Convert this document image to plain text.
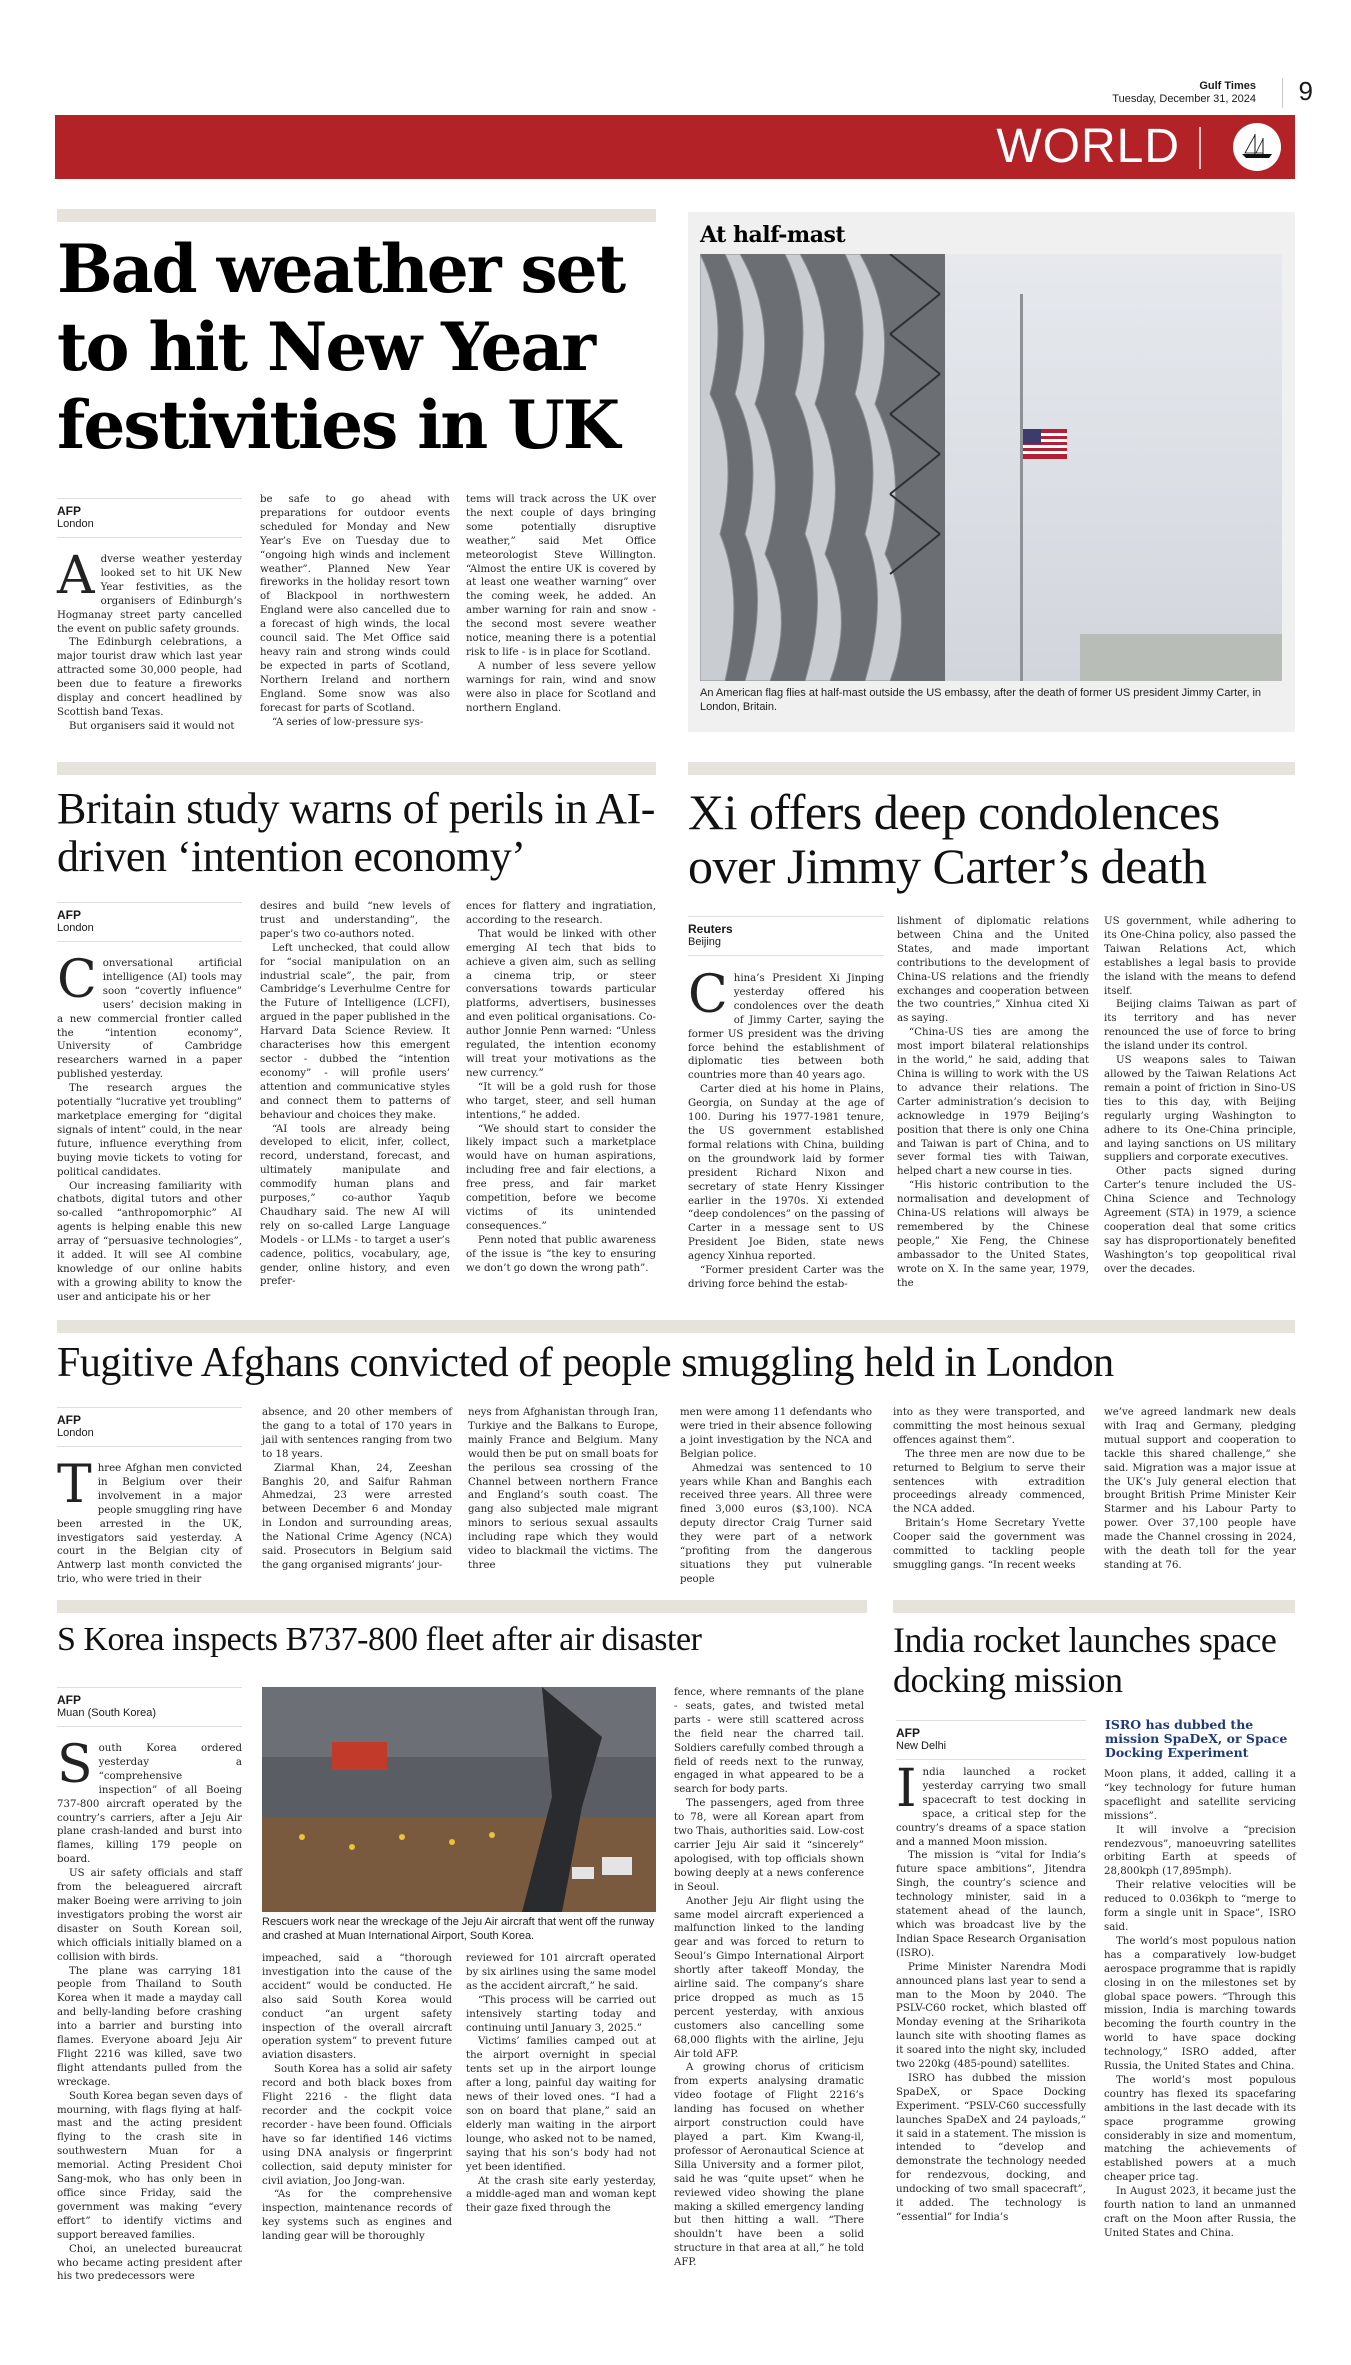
Gulf Times
Tuesday, December 31, 2024 9
WORLD
Bad weather set to hit New Year festivities in UK
AFP
London

Adverse weather yesterday looked set to hit UK New Year festivities, as the organisers of Edinburgh’s Hogmanay street party cancelled the event on public safety grounds.

The Edinburgh celebrations, a major tourist draw which last year attracted some 30,000 people, had been due to feature a fireworks display and concert headlined by Scottish band Texas.

But organisers said it would not

be safe to go ahead with preparations for outdoor events scheduled for Monday and New Year’s Eve on Tuesday due to “ongoing high winds and inclement weather”. Planned New Year fireworks in the holiday resort town of Blackpool in northwestern England were also cancelled due to a forecast of high winds, the local council said. The Met Office said heavy rain and strong winds could be expected in parts of Scotland, Northern Ireland and northern England. Some snow was also forecast for parts of Scotland.

“A series of low-pressure sys-

tems will track across the UK over the next couple of days bringing some potentially disruptive weather,” said Met Office meteorologist Steve Willington. “Almost the entire UK is covered by at least one weather warning” over the coming week, he added. An amber warning for rain and snow - the second most severe weather notice, meaning there is a potential risk to life - is in place for Scotland.

A number of less severe yellow warnings for rain, wind and snow were also in place for Scotland and northern England.

At half-mast
An American flag flies at half-mast outside the US embassy, after the death of former US president Jimmy Carter, in London, Britain.
Britain study warns of perils in AI-driven ‘intention economy’
AFP
London

Conversational artificial intelligence (AI) tools may soon “covertly influence” users’ decision making in a new commercial frontier called the “intention economy”, University of Cambridge researchers warned in a paper published yesterday.

The research argues the potentially “lucrative yet troubling” marketplace emerging for “digital signals of intent” could, in the near future, influence everything from buying movie tickets to voting for political candidates.

Our increasing familiarity with chatbots, digital tutors and other so-called “anthropomorphic” AI agents is helping enable this new array of “persuasive technologies”, it added. It will see AI combine knowledge of our online habits with a growing ability to know the user and anticipate his or her

desires and build “new levels of trust and understanding”, the paper’s two co-authors noted.

Left unchecked, that could allow for “social manipulation on an industrial scale”, the pair, from Cambridge’s Leverhulme Centre for the Future of Intelligence (LCFI), argued in the paper published in the Harvard Data Science Review. It characterises how this emergent sector - dubbed the “intention economy” - will profile users’ attention and communicative styles and connect them to patterns of behaviour and choices they make.

“AI tools are already being developed to elicit, infer, collect, record, understand, forecast, and ultimately manipulate and commodify human plans and purposes,” co-author Yaqub Chaudhary said. The new AI will rely on so-called Large Language Models - or LLMs - to target a user’s cadence, politics, vocabulary, age, gender, online history, and even prefer-

ences for flattery and ingratiation, according to the research.

That would be linked with other emerging AI tech that bids to achieve a given aim, such as selling a cinema trip, or steer conversations towards particular platforms, advertisers, businesses and even political organisations. Co-author Jonnie Penn warned: “Unless regulated, the intention economy will treat your motivations as the new currency.”

“It will be a gold rush for those who target, steer, and sell human intentions,” he added.

“We should start to consider the likely impact such a marketplace would have on human aspirations, including free and fair elections, a free press, and fair market competition, before we become victims of its unintended consequences.”

Penn noted that public awareness of the issue is “the key to ensuring we don’t go down the wrong path”.

Xi offers deep condolences over Jimmy Carter’s death
Reuters
Beijing

China’s President Xi Jinping yesterday offered his condolences over the death of Jimmy Carter, saying the former US president was the driving force behind the establishment of diplomatic ties between both countries more than 40 years ago.

Carter died at his home in Plains, Georgia, on Sunday at the age of 100. During his 1977-1981 tenure, the US government established formal relations with China, building on the groundwork laid by former president Richard Nixon and secretary of state Henry Kissinger earlier in the 1970s. Xi extended “deep condolences” on the passing of Carter in a message sent to US President Joe Biden, state news agency Xinhua reported.

“Former president Carter was the driving force behind the estab-

lishment of diplomatic relations between China and the United States, and made important contributions to the development of China-US relations and the friendly exchanges and cooperation between the two countries,” Xinhua cited Xi as saying.

“China-US ties are among the most import bilateral relationships in the world,” he said, adding that China is willing to work with the US to advance their relations. The Carter administration’s decision to acknowledge in 1979 Beijing’s position that there is only one China and Taiwan is part of China, and to sever formal ties with Taiwan, helped chart a new course in ties.

“His historic contribution to the normalisation and development of China-US relations will always be remembered by the Chinese people,” Xie Feng, the Chinese ambassador to the United States, wrote on X. In the same year, 1979, the

US government, while adhering to its One-China policy, also passed the Taiwan Relations Act, which establishes a legal basis to provide the island with the means to defend itself.

Beijing claims Taiwan as part of its territory and has never renounced the use of force to bring the island under its control.

US weapons sales to Taiwan allowed by the Taiwan Relations Act remain a point of friction in Sino-US ties to this day, with Beijing regularly urging Washington to adhere to its One-China principle, and laying sanctions on US military suppliers and corporate executives.

Other pacts signed during Carter’s tenure included the US-China Science and Technology Agreement (STA) in 1979, a science cooperation deal that some critics say has disproportionately benefited Washington’s top geopolitical rival over the decades.

Fugitive Afghans convicted of people smuggling held in London
AFP
London

Three Afghan men convicted in Belgium over their involvement in a major people smuggling ring have been arrested in the UK, investigators said yesterday. A court in the Belgian city of Antwerp last month convicted the trio, who were tried in their

absence, and 20 other members of the gang to a total of 170 years in jail with sentences ranging from two to 18 years.

Ziarmal Khan, 24, Zeeshan Banghis 20, and Saifur Rahman Ahmedzai, 23 were arrested between December 6 and Monday in London and surrounding areas, the National Crime Agency (NCA) said. Prosecutors in Belgium said the gang organised migrants’ jour-

neys from Afghanistan through Iran, Turkiye and the Balkans to Europe, mainly France and Belgium. Many would then be put on small boats for the perilous sea crossing of the Channel between northern France and England’s south coast. The gang also subjected male migrant minors to serious sexual assaults including rape which they would video to blackmail the victims. The three

men were among 11 defendants who were tried in their absence following a joint investigation by the NCA and Belgian police.

Ahmedzai was sentenced to 10 years while Khan and Banghis each received three years. All three were fined 3,000 euros ($3,100). NCA deputy director Craig Turner said they were part of a network “profiting from the dangerous situations they put vulnerable people

into as they were transported, and committing the most heinous sexual offences against them”.

The three men are now due to be returned to Belgium to serve their sentences with extradition proceedings already commenced, the NCA added.

Britain’s Home Secretary Yvette Cooper said the government was committed to tackling people smuggling gangs. “In recent weeks

we’ve agreed landmark new deals with Iraq and Germany, pledging mutual support and cooperation to tackle this shared challenge,” she said. Migration was a major issue at the UK’s July general election that brought British Prime Minister Keir Starmer and his Labour Party to power. Over 37,100 people have made the Channel crossing in 2024, with the death toll for the year standing at 76.

S Korea inspects B737-800 fleet after air disaster
AFP
Muan (South Korea)

South Korea ordered yesterday a “comprehensive inspection” of all Boeing 737-800 aircraft operated by the country’s carriers, after a Jeju Air plane crash-landed and burst into flames, killing 179 people on board.

US air safety officials and staff from the beleaguered aircraft maker Boeing were arriving to join investigators probing the worst air disaster on South Korean soil, which officials initially blamed on a collision with birds.

The plane was carrying 181 people from Thailand to South Korea when it made a mayday call and belly-landing before crashing into a barrier and bursting into flames. Everyone aboard Jeju Air Flight 2216 was killed, save two flight attendants pulled from the wreckage.

South Korea began seven days of mourning, with flags flying at half-mast and the acting president flying to the crash site in southwestern Muan for a memorial. Acting President Choi Sang-mok, who has only been in office since Friday, said the government was making “every effort” to identify victims and support bereaved families.

Choi, an unelected bureaucrat who became acting president after his two predecessors were

Rescuers work near the wreckage of the Jeju Air aircraft that went off the runway and crashed at Muan International Airport, South Korea.

impeached, said a “thorough investigation into the cause of the accident” would be conducted. He also said South Korea would conduct “an urgent safety inspection of the overall aircraft operation system” to prevent future aviation disasters.

South Korea has a solid air safety record and both black boxes from Flight 2216 - the flight data recorder and the cockpit voice recorder - have been found. Officials have so far identified 146 victims using DNA analysis or fingerprint collection, said deputy minister for civil aviation, Joo Jong-wan.

“As for the comprehensive inspection, maintenance records of key systems such as engines and landing gear will be thoroughly

reviewed for 101 aircraft operated by six airlines using the same model as the accident aircraft,” he said.

“This process will be carried out intensively starting today and continuing until January 3, 2025.”

Victims’ families camped out at the airport overnight in special tents set up in the airport lounge after a long, painful day waiting for news of their loved ones. “I had a son on board that plane,” said an elderly man waiting in the airport lounge, who asked not to be named, saying that his son’s body had not yet been identified.

At the crash site early yesterday, a middle-aged man and woman kept their gaze fixed through the

fence, where remnants of the plane - seats, gates, and twisted metal parts - were still scattered across the field near the charred tail. Soldiers carefully combed through a field of reeds next to the runway, engaged in what appeared to be a search for body parts.

The passengers, aged from three to 78, were all Korean apart from two Thais, authorities said. Low-cost carrier Jeju Air said it “sincerely” apologised, with top officials shown bowing deeply at a news conference in Seoul.

Another Jeju Air flight using the same model aircraft experienced a malfunction linked to the landing gear and was forced to return to Seoul’s Gimpo International Airport shortly after takeoff Monday, the airline said. The company’s share price dropped as much as 15 percent yesterday, with anxious customers also cancelling some 68,000 flights with the airline, Jeju Air told AFP.

A growing chorus of criticism from experts analysing dramatic video footage of Flight 2216’s landing has focused on whether airport construction could have played a part. Kim Kwang-il, professor of Aeronautical Science at Silla University and a former pilot, said he was “quite upset” when he reviewed video showing the plane making a skilled emergency landing but then hitting a wall. “There shouldn’t have been a solid structure in that area at all,” he told AFP.

India rocket launches space docking mission
AFP
New Delhi

India launched a rocket yesterday carrying two small spacecraft to test docking in space, a critical step for the country’s dreams of a space station and a manned Moon mission.

The mission is “vital for India’s future space ambitions”, Jitendra Singh, the country’s science and technology minister, said in a statement ahead of the launch, which was broadcast live by the Indian Space Research Organisation (ISRO).

Prime Minister Narendra Modi announced plans last year to send a man to the Moon by 2040. The PSLV-C60 rocket, which blasted off Monday evening at the Sriharikota launch site with shooting flames as it soared into the night sky, included two 220kg (485-pound) satellites.

ISRO has dubbed the mission SpaDeX, or Space Docking Experiment. “PSLV-C60 successfully launches SpaDeX and 24 payloads,” it said in a statement. The mission is intended to “develop and demonstrate the technology needed for rendezvous, docking, and undocking of two small spacecraft”, it added. The technology is “essential” for India’s

ISRO has dubbed the mission SpaDeX, or Space Docking Experiment

Moon plans, it added, calling it a “key technology for future human spaceflight and satellite servicing missions”.

It will involve a “precision rendezvous”, manoeuvring satellites orbiting Earth at speeds of 28,800kph (17,895mph).

Their relative velocities will be reduced to 0.036kph to “merge to form a single unit in Space”, ISRO said.

The world’s most populous nation has a comparatively low-budget aerospace programme that is rapidly closing in on the milestones set by global space powers. “Through this mission, India is marching towards becoming the fourth country in the world to have space docking technology,” ISRO added, after Russia, the United States and China.

The world’s most populous country has flexed its spacefaring ambitions in the last decade with its space programme growing considerably in size and momentum, matching the achievements of established powers at a much cheaper price tag.

In August 2023, it became just the fourth nation to land an unmanned craft on the Moon after Russia, the United States and China.
